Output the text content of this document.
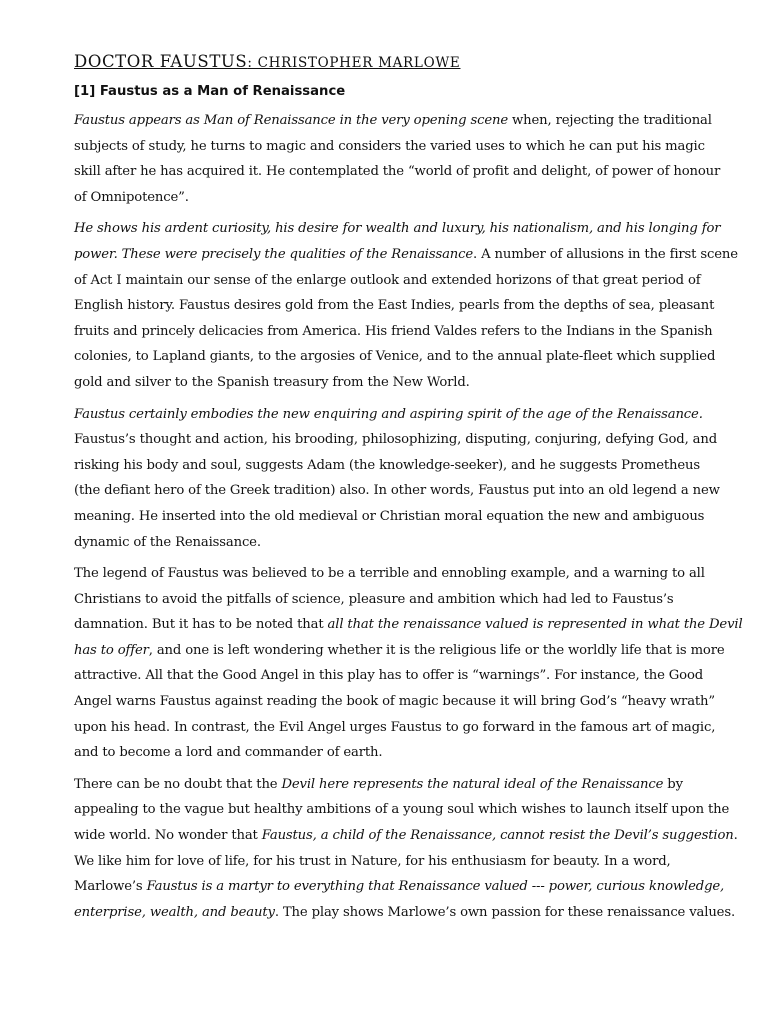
DOCTOR FAUSTUS: CHRISTOPHER MARLOWE
[1] Faustus as a Man of Renaissance

Faustus appears as Man of Renaissance in the very opening scene when, rejecting the traditional
subjects of study, he turns to magic and considers the varied uses to which he can put his magic
skill after he has acquired it. He contemplated the “world of profit and delight, of power of honour
of Omnipotence”.

He shows his ardent curiosity, his desire for wealth and luxury, his nationalism, and his longing for
power. These were precisely the qualities of the Renaissance. A number of allusions in the first scene
of Act I maintain our sense of the enlarge outlook and extended horizons of that great period of
English history. Faustus desires gold from the East Indies, pearls from the depths of sea, pleasant
fruits and princely delicacies from America. His friend Valdes refers to the Indians in the Spanish
colonies, to Lapland giants, to the argosies of Venice, and to the annual plate-fleet which supplied
gold and silver to the Spanish treasury from the New World.

Faustus certainly embodies the new enquiring and aspiring spirit of the age of the Renaissance.
Faustus’s thought and action, his brooding, philosophizing, disputing, conjuring, defying God, and
risking his body and soul, suggests Adam (the knowledge-seeker), and he suggests Prometheus
(the defiant hero of the Greek tradition) also. In other words, Faustus put into an old legend a new
meaning. He inserted into the old medieval or Christian moral equation the new and ambiguous
dynamic of the Renaissance.

The legend of Faustus was believed to be a terrible and ennobling example, and a warning to all
Christians to avoid the pitfalls of science, pleasure and ambition which had led to Faustus’s
damnation. But it has to be noted that all that the renaissance valued is represented in what the Devil
has to offer, and one is left wondering whether it is the religious life or the worldly life that is more
attractive. All that the Good Angel in this play has to offer is “warnings”. For instance, the Good
Angel warns Faustus against reading the book of magic because it will bring God’s “heavy wrath”
upon his head. In contrast, the Evil Angel urges Faustus to go forward in the famous art of magic,
and to become a lord and commander of earth.

There can be no doubt that the Devil here represents the natural ideal of the Renaissance by
appealing to the vague but healthy ambitions of a young soul which wishes to launch itself upon the
wide world. No wonder that Faustus, a child of the Renaissance, cannot resist the Devil’s suggestion.
We like him for love of life, for his trust in Nature, for his enthusiasm for beauty. In a word,
Marlowe’s Faustus is a martyr to everything that Renaissance valued --- power, curious knowledge,
enterprise, wealth, and beauty. The play shows Marlowe’s own passion for these renaissance values.
